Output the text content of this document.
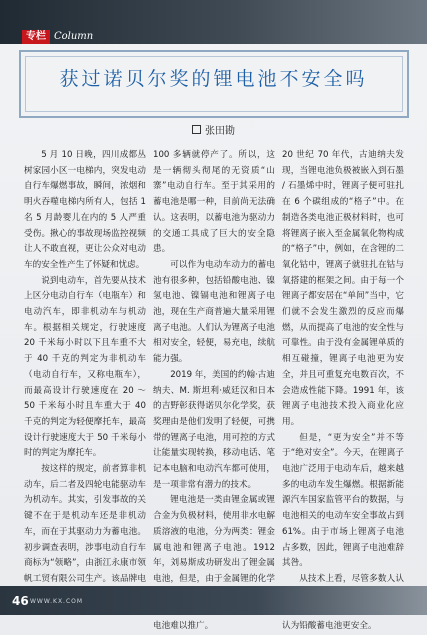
专栏 Column
获过诺贝尔奖的锂电池不安全吗
张田勘

5 月 10 日晚，四川成都丛树家园小区一电梯内，突发电动自行车爆燃事故，瞬间，浓烟和明火吞噬电梯内所有人，包括 1 名 5 月龄婴儿在内的 5 人严重受伤。揪心的事故现场监控视频让人不敢直视，更让公众对电动车的安全性产生了怀疑和忧虑。

说到电动车，首先要从技术上区分电动自行车（电瓶车）和电动汽车，即非机动车与机动车。根据相关规定，行驶速度 20 千米每小时以下且车重不大于 40 千克的判定为非机动车（电动自行车，又称电瓶车），而最高设计行驶速度在 20 ～ 50 千米每小时且车重大于 40 千克的判定为轻便摩托车，最高设计行驶速度大于 50 千米每小时的判定为摩托车。

按这样的规定，前者算非机动车，后二者及四轮电能驱动车为机动车。其实，引发事故的关键不在于是机动车还是非机动车，而在于其驱动力为蓄电池。初步调查表明，涉事电动自行车商标为“领略”，由浙江永康市领帆工贸有限公司生产。该品牌电

100 多辆就停产了。所以，这是一辆彻头彻尾的无资质“山寨”电动自行车。至于其采用的蓄电池是哪一种，目前尚无法确认。这表明，以蓄电池为驱动力的交通工具成了巨大的安全隐患。

可以作为电动车动力的蓄电池有很多种，包括铅酸电池、镍氢电池、镍镉电池和锂离子电池，现在生产商普遍大量采用锂离子电池。人们认为锂离子电池相对安全，轻便，易充电，续航能力强。

2019 年，美国的约翰·古迪纳夫、M. 斯坦利·威廷汉和日本的吉野彰获得诺贝尔化学奖，获奖理由是他们发明了轻便，可携带的锂离子电池，用可控的方式让能量实现转换，移动电话、笔记本电脑和电动汽车都可使用，是一项非常有潜力的技术。

锂电池是一类由锂金属或锂合金为负极材料，使用非水电解质溶液的电池，分为两类：锂金属电池和锂离子电池。1912 年，刘易斯成功研发出了锂金属电池，但是，由于金属锂的化学 电池难以推广。

20 世纪 70 年代，古迪纳夫发现，当锂电池负极被嵌入到石墨 / 石墨烯中时，锂离子便可驻扎在 6 个碳组成的“格子”中。在制造各类电池正极材料时，也可将锂离子嵌入至金属氧化物构成的“格子”中，例如，在含锂的二氧化钴中，锂离子就驻扎在钴与氧搭建的框架之间。由于每一个锂离子都安居在“单间”当中，它们就不会发生激烈的反应而爆燃，从而提高了电池的安全性与可靠性。由于没有金属锂单质的相互碰撞，锂离子电池更为安全，并且可重复充电数百次，不会造成性能下降。1991 年，该锂离子电池技术投入商业化应用。

但是，“更为安全”并不等于“绝对安全”。今天，在锂离子电池广泛用于电动车后，越来越多的电动车发生爆燃。根据新能源汽车国家监管平台的数据，与电池相关的电动车安全事故占到 61%。由于市场上锂离子电池占多数，因此，锂离子电池难辞其咎。

从技术上看，尽管多数人认 认为铅酸蓄电池更安全。

46 WWW.KX.COM
